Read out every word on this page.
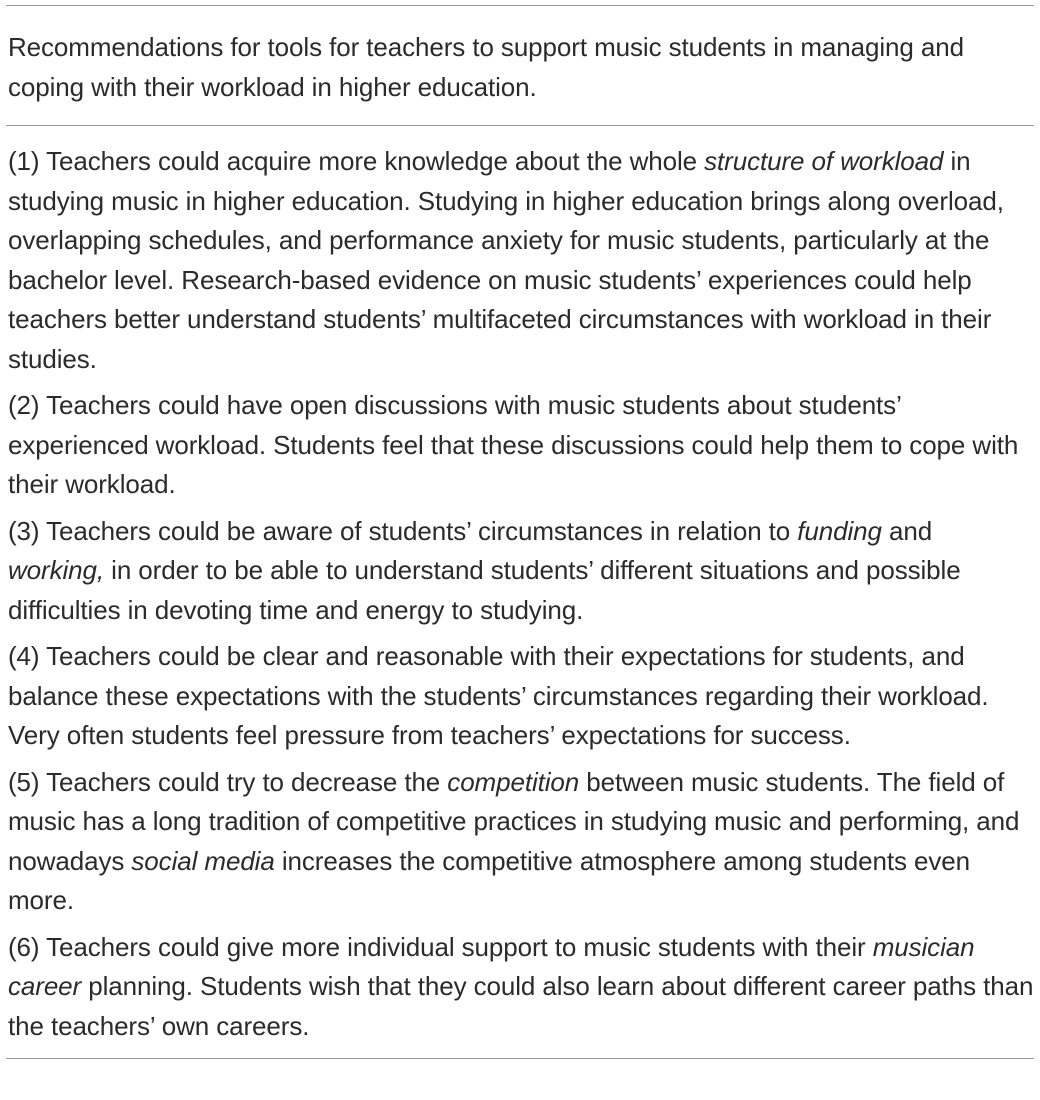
Recommendations for tools for teachers to support music students in managing and coping with their workload in higher education.
(1) Teachers could acquire more knowledge about the whole structure of workload in studying music in higher education. Studying in higher education brings along overload, overlapping schedules, and performance anxiety for music students, particularly at the bachelor level. Research-based evidence on music students’ experiences could help teachers better understand students’ multifaceted circumstances with workload in their studies.
(2) Teachers could have open discussions with music students about students’ experienced workload. Students feel that these discussions could help them to cope with their workload.
(3) Teachers could be aware of students’ circumstances in relation to funding and working, in order to be able to understand students’ different situations and possible difficulties in devoting time and energy to studying.
(4) Teachers could be clear and reasonable with their expectations for students, and balance these expectations with the students’ circumstances regarding their workload. Very often students feel pressure from teachers’ expectations for success.
(5) Teachers could try to decrease the competition between music students. The field of music has a long tradition of competitive practices in studying music and performing, and nowadays social media increases the competitive atmosphere among students even more.
(6) Teachers could give more individual support to music students with their musician career planning. Students wish that they could also learn about different career paths than the teachers’ own careers.
